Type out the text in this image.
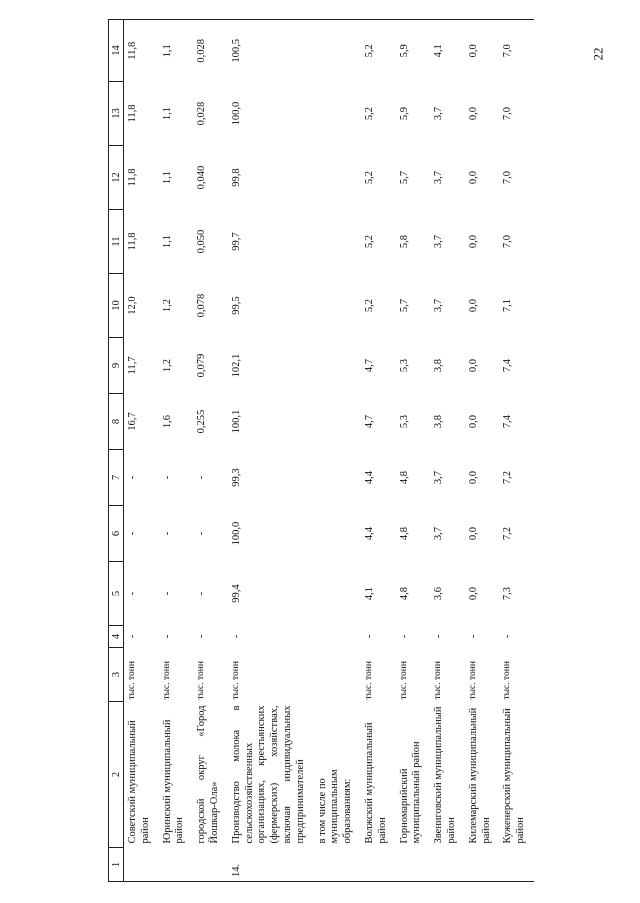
22
1	2	3	4	5	6	7	8	9	10	11	12	13	14
	Советский муниципальный район	тыс. тонн	-	-	-	-	16,7	11,7	12,0	11,8	11,8	11,8	11,8
	Юринский муниципальный район	тыс. тонн	-	-	-	-	1,6	1,2	1,2	1,1	1,1	1,1	1,1
	городской округ «Город Йошкар-Ола»	тыс. тонн	-	-	-	-	0,255	0,079	0,078	0,050	0,040	0,028	0,028
14.	Производство молока в сельскохозяйственных организациях, крестьянских (фермерских) хозяйствах, включая индивидуальных предпринимателей	тыс. тонн	-	99,4	100,0	99,3	100,1	102,1	99,5	99,7	99,8	100,0	100,5
	в том числе по муниципальным образованиям:												
	Волжский муниципальный район	тыс. тонн	-	4,1	4,4	4,4	4,7	4,7	5,2	5,2	5,2	5,2	5,2
	Горномарийский муниципальный район	тыс. тонн	-	4,8	4,8	4,8	5,3	5,3	5,7	5,8	5,7	5,9	5,9
	Звениговский муниципальный район	тыс. тонн	-	3,6	3,7	3,7	3,8	3,8	3,7	3,7	3,7	3,7	4,1
	Килемарский муниципальный район	тыс. тонн	-	0,0	0,0	0,0	0,0	0,0	0,0	0,0	0,0	0,0	0,0
	Куженерский муниципальный район	тыс. тонн	-	7,3	7,2	7,2	7,4	7,4	7,1	7,0	7,0	7,0	7,0
